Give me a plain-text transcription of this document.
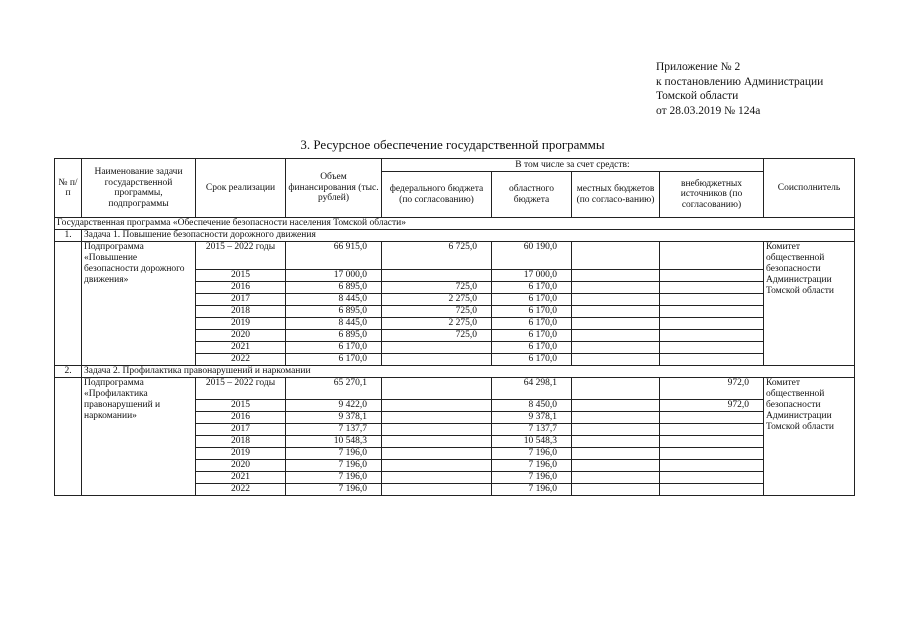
Приложение № 2
к постановлению Администрации
Томской области
от 28.03.2019 № 124а
3. Ресурсное обеспечение государственной программы
№ п/п	Наименование задачи государственной программы, подпрограммы	Срок реализации	Объем финансирования (тыс. рублей)	В том числе за счет средств:				Соисполнитель
				федерального бюджета (по согласованию)	областного бюджета	местных бюджетов (по согласо-ванию)	внебюджетных источников (по согласованию)	
Государственная программа «Обеспечение безопасности населения Томской области»								
1.	Задача 1. Повышение безопасности дорожного движения							
	Подпрограмма «Повышение безопасности дорожного движения»	2015 – 2022 годы	66 915,0	6 725,0	60 190,0			Комитет общественной безопасности Администрации Томской области
		2015	17 000,0		17 000,0			
		2016	6 895,0	725,0	6 170,0			
		2017	8 445,0	2 275,0	6 170,0			
		2018	6 895,0	725,0	6 170,0			
		2019	8 445,0	2 275,0	6 170,0			
		2020	6 895,0	725,0	6 170,0			
		2021	6 170,0		6 170,0			
		2022	6 170,0		6 170,0			
2.	Задача 2. Профилактика правонарушений и наркомании							
	Подпрограмма «Профилактика правонарушений и наркомании»	2015 – 2022 годы	65 270,1		64 298,1		972,0	Комитет общественной безопасности Администрации Томской области
		2015	9 422,0		8 450,0		972,0	
		2016	9 378,1		9 378,1			
		2017	7 137,7		7 137,7			
		2018	10 548,3		10 548,3			
		2019	7 196,0		7 196,0			
		2020	7 196,0		7 196,0			
		2021	7 196,0		7 196,0			
		2022	7 196,0		7 196,0			
